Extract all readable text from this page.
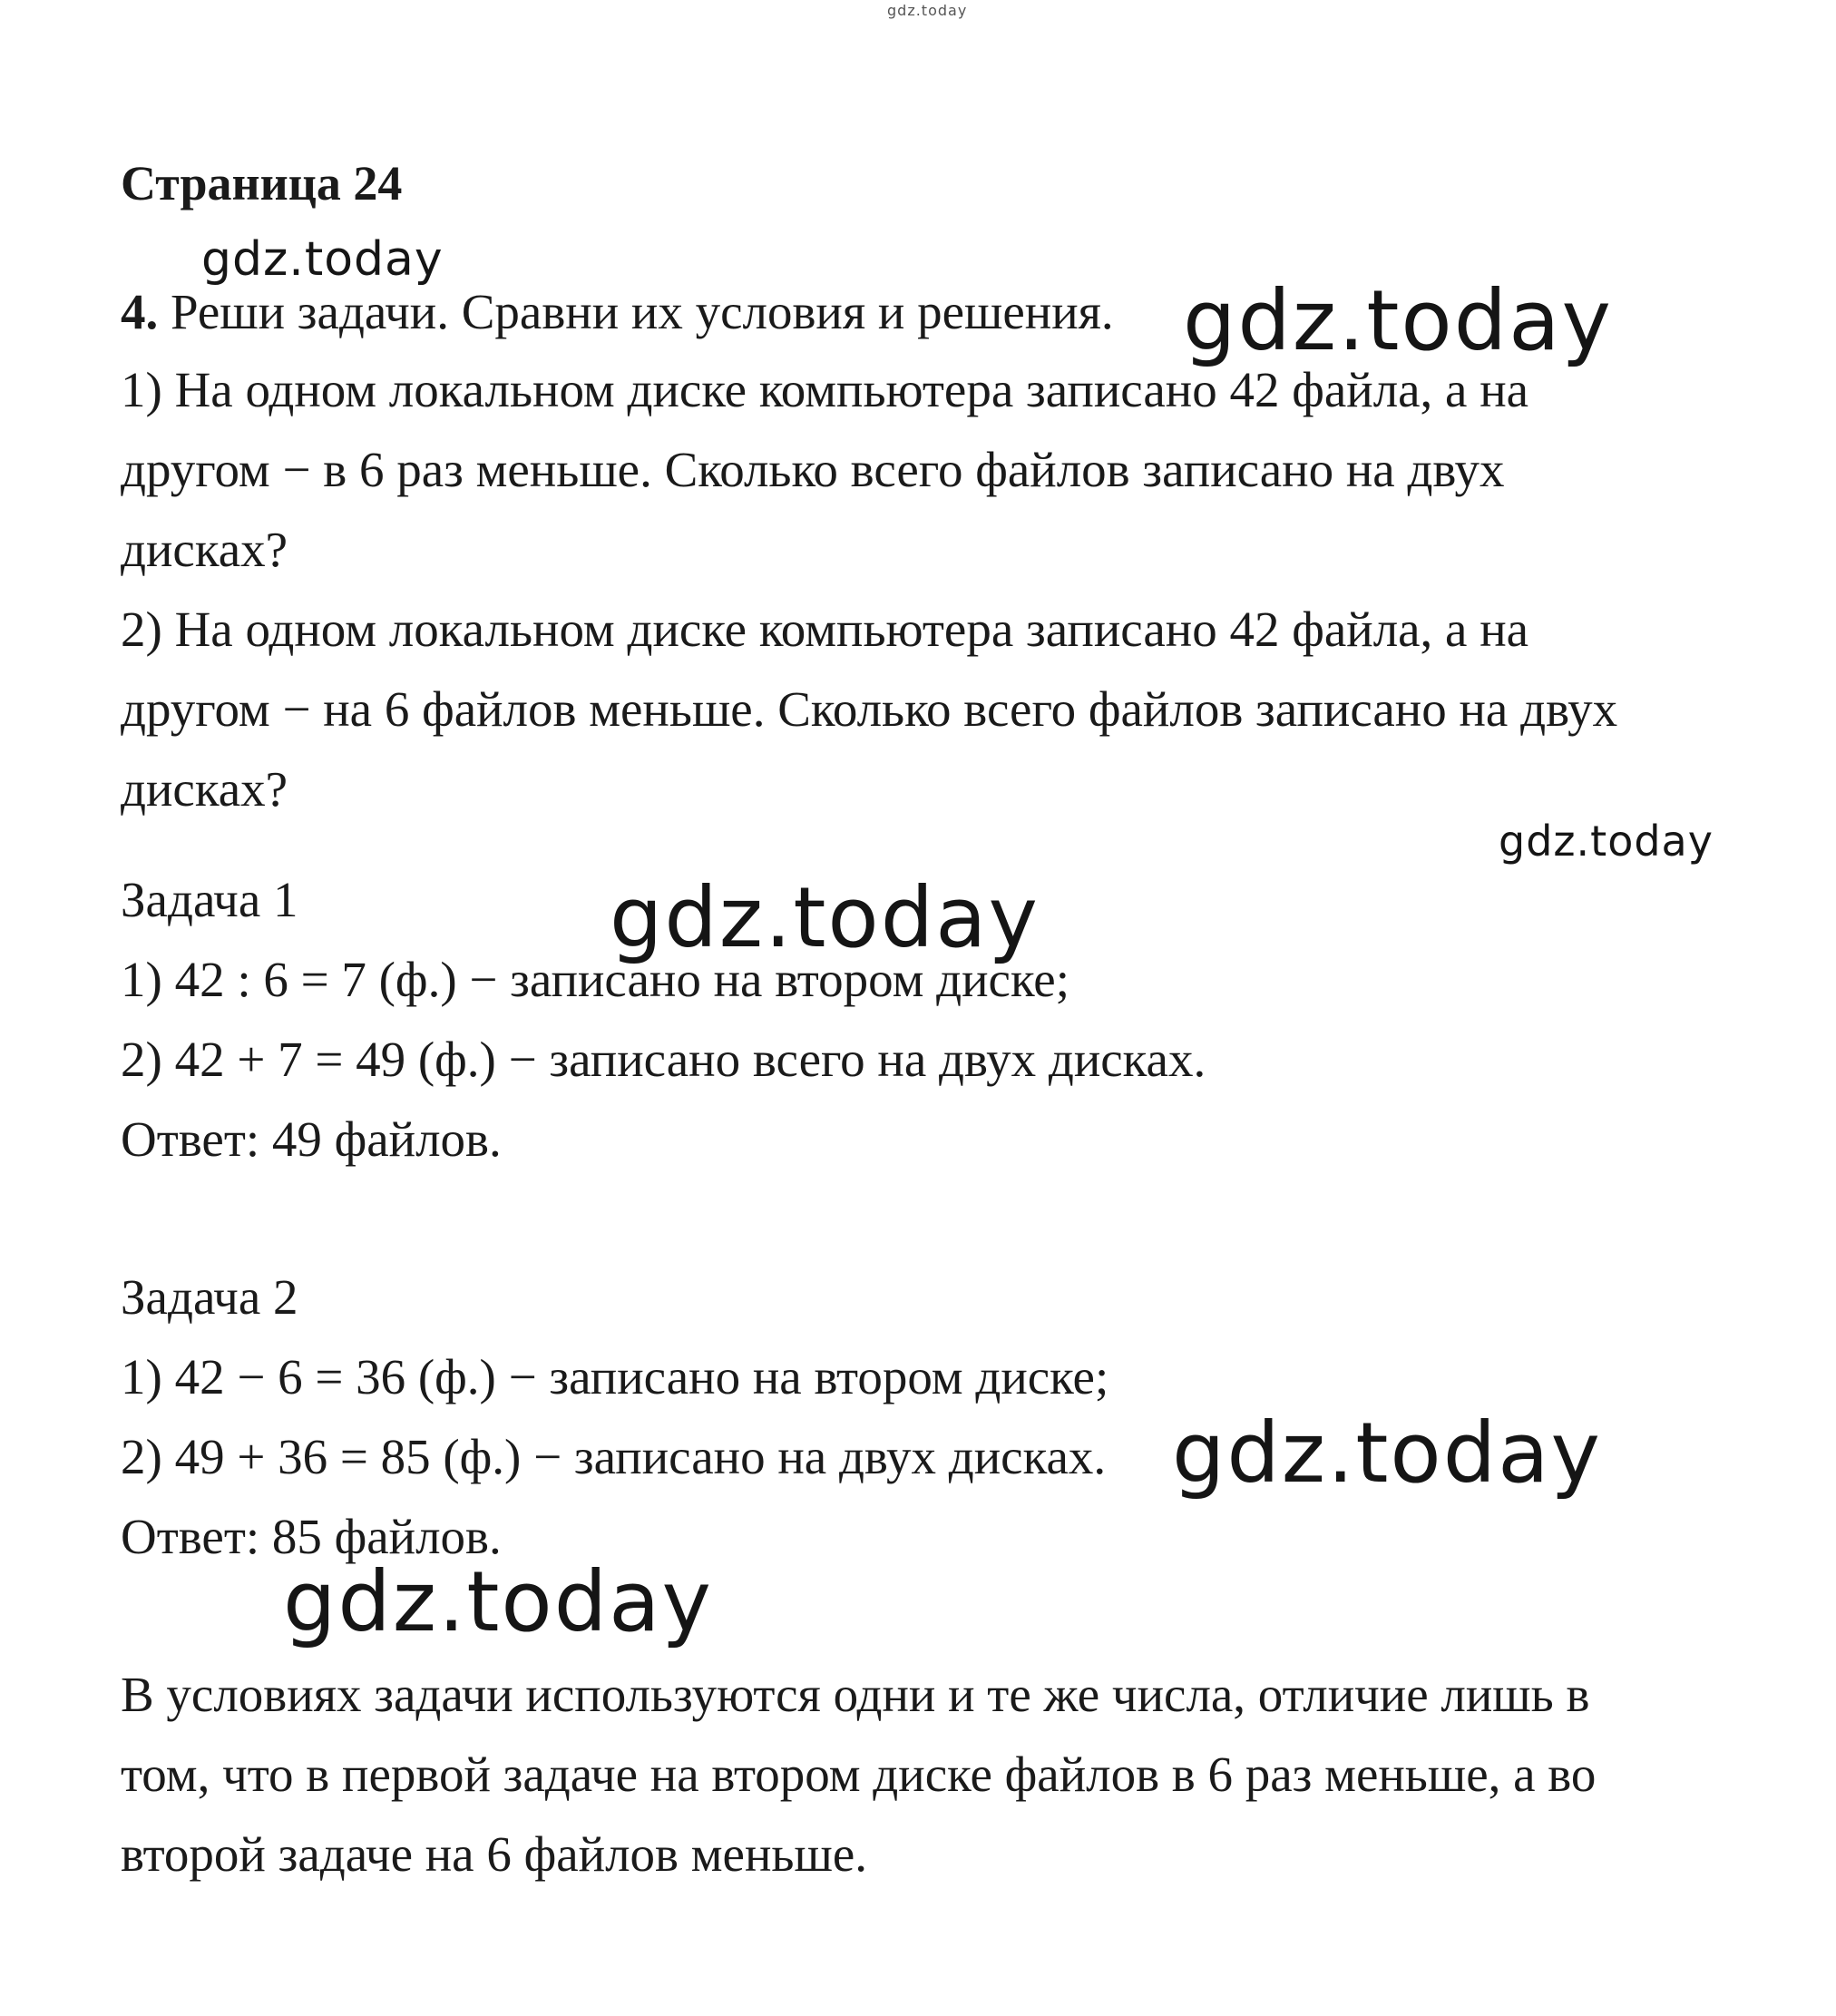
gdz.today
Страница 24
4. Реши задачи. Сравни их условия и решения.
1) На одном локальном диске компьютера записано 42 файла, а на
другом − в 6 раз меньше. Сколько всего файлов записано на двух
дисках?
2) На одном локальном диске компьютера записано 42 файла, а на
другом − на 6 файлов меньше. Сколько всего файлов записано на двух
дисках?
Задача 1
1) 42 : 6 = 7 (ф.) − записано на втором диске;
2) 42 + 7 = 49 (ф.) − записано всего на двух дисках.
Ответ: 49 файлов.
Задача 2
1) 42 − 6 = 36 (ф.) − записано на втором диске;
2) 49 + 36 = 85 (ф.) − записано на двух дисках.
Ответ: 85 файлов.
В условиях задачи используются одни и те же числа, отличие лишь в
том, что в первой задаче на втором диске файлов в 6 раз меньше, а во
второй задаче на 6 файлов меньше.
gdz.today
gdz.today
gdz.today
gdz.today
gdz.today
gdz.today
